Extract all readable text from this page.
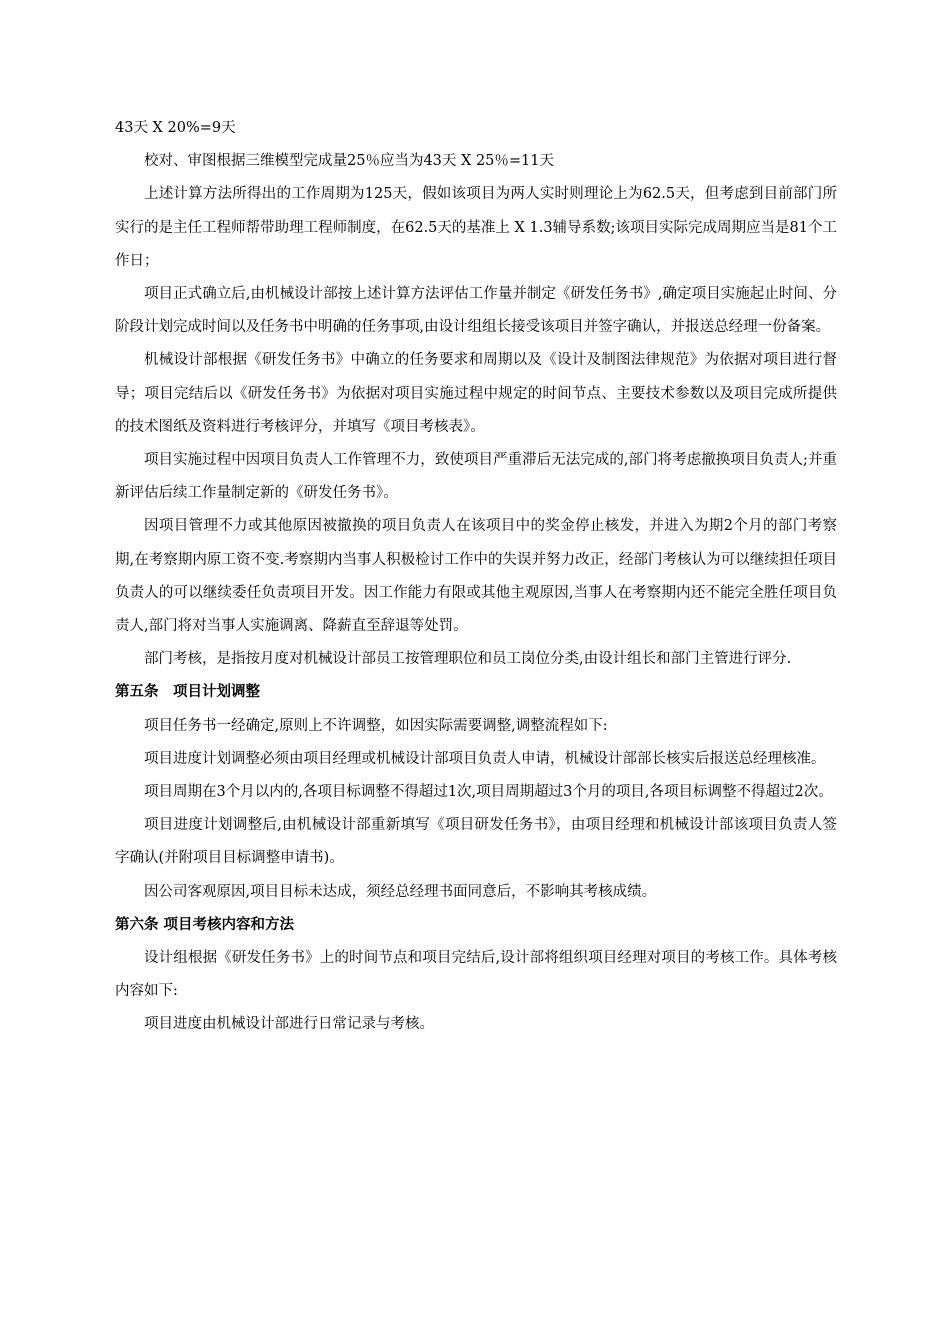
43天 X 20%=9天

校对、审图根据三维模型完成量25％应当为43天 X 25％=11天

上述计算方法所得出的工作周期为125天，假如该项目为两人实时则理论上为62.5天，但考虑到目前部门所实行的是主任工程师帮带助理工程师制度，在62.5天的基准上 X 1.3辅导系数;该项目实际完成周期应当是81个工作日；

项目正式确立后,由机械设计部按上述计算方法评估工作量并制定《研发任务书》,确定项目实施起止时间、分阶段计划完成时间以及任务书中明确的任务事项,由设计组组长接受该项目并签字确认，并报送总经理一份备案。

机械设计部根据《研发任务书》中确立的任务要求和周期以及《设计及制图法律规范》为依据对项目进行督导；项目完结后以《研发任务书》为依据对项目实施过程中规定的时间节点、主要技术参数以及项目完成所提供的技术图纸及资料进行考核评分，并填写《项目考核表》。

项目实施过程中因项目负责人工作管理不力，致使项目严重滞后无法完成的,部门将考虑撤换项目负责人;并重新评估后续工作量制定新的《研发任务书》。

因项目管理不力或其他原因被撤换的项目负责人在该项目中的奖金停止核发，并进入为期2个月的部门考察期,在考察期内原工资不变.考察期内当事人积极检讨工作中的失误并努力改正，经部门考核认为可以继续担任项目负责人的可以继续委任负责项目开发。因工作能力有限或其他主观原因,当事人在考察期内还不能完全胜任项目负责人,部门将对当事人实施调离、降薪直至辞退等处罚。

部门考核，是指按月度对机械设计部员工按管理职位和员工岗位分类,由设计组长和部门主管进行评分.

第五条　项目计划调整

项目任务书一经确定,原则上不许调整，如因实际需要调整,调整流程如下:

项目进度计划调整必须由项目经理或机械设计部项目负责人申请，机械设计部部长核实后报送总经理核准。

项目周期在3个月以内的,各项目标调整不得超过1次,项目周期超过3个月的项目,各项目标调整不得超过2次。

项目进度计划调整后,由机械设计部重新填写《项目研发任务书》，由项目经理和机械设计部该项目负责人签字确认(并附项目目标调整申请书)。

因公司客观原因,项目目标未达成，须经总经理书面同意后，不影响其考核成绩。

第六条 项目考核内容和方法

设计组根据《研发任务书》上的时间节点和项目完结后,设计部将组织项目经理对项目的考核工作。具体考核内容如下:

项目进度由机械设计部进行日常记录与考核。
